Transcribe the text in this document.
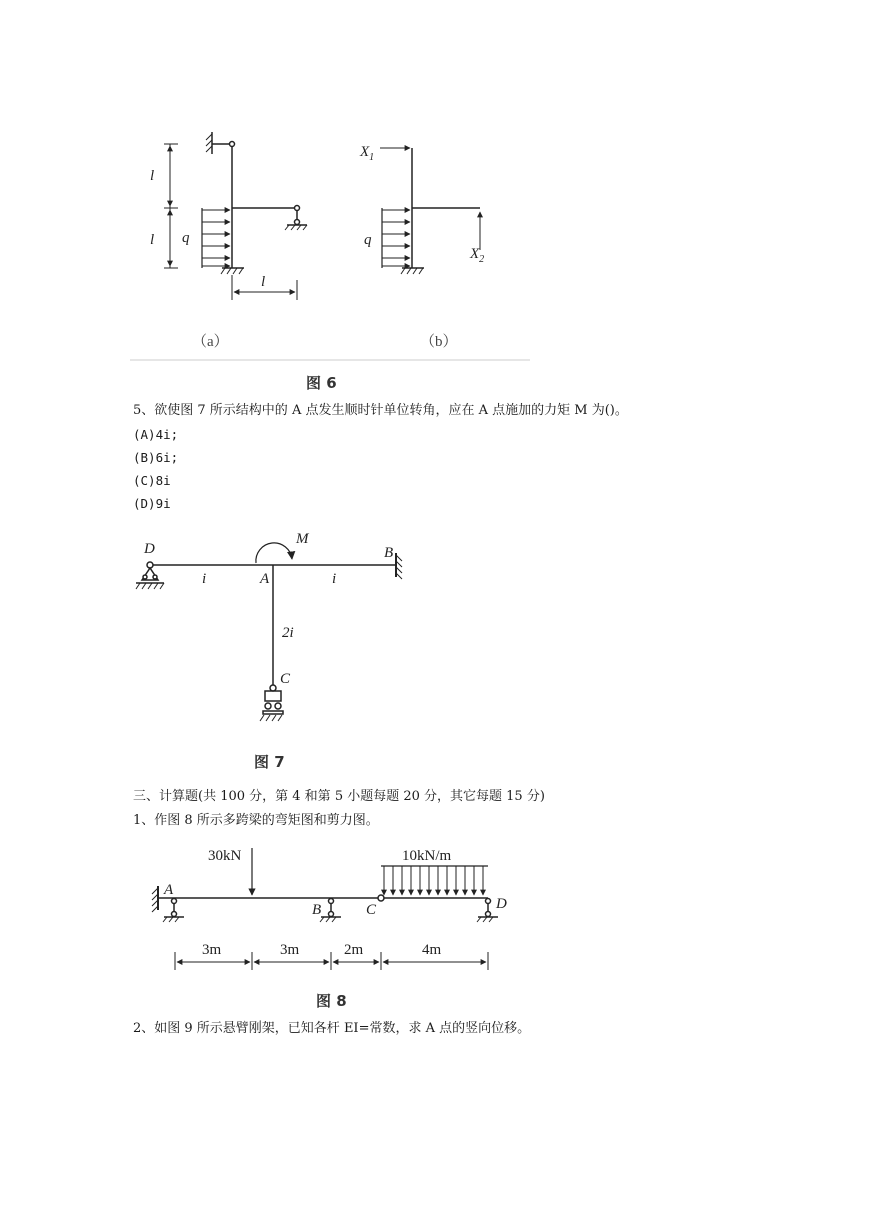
l
l q
l
（a）
$X_1$
q
$X_2$
（b）
图 6
5、欲使图 7 所示结构中的 A 点发生顺时针单位转角，应在 A 点施加的力矩 M 为()。
(A)4i;
(B)6i;
(C)8i
(D)9i
D
M
B
i	A	i
2i
C
图 7
三、计算题(共 100 分，第 4 和第 5 小题每题 20 分，其它每题 15 分)
1、作图 8 所示多跨梁的弯矩图和剪力图。
30kN	10kN/m
A
B	C	D
3m	3m	2m	4m
图 8
2、如图 9 所示悬臂刚架，已知各杆 EI=常数，求 A 点的竖向位移。
